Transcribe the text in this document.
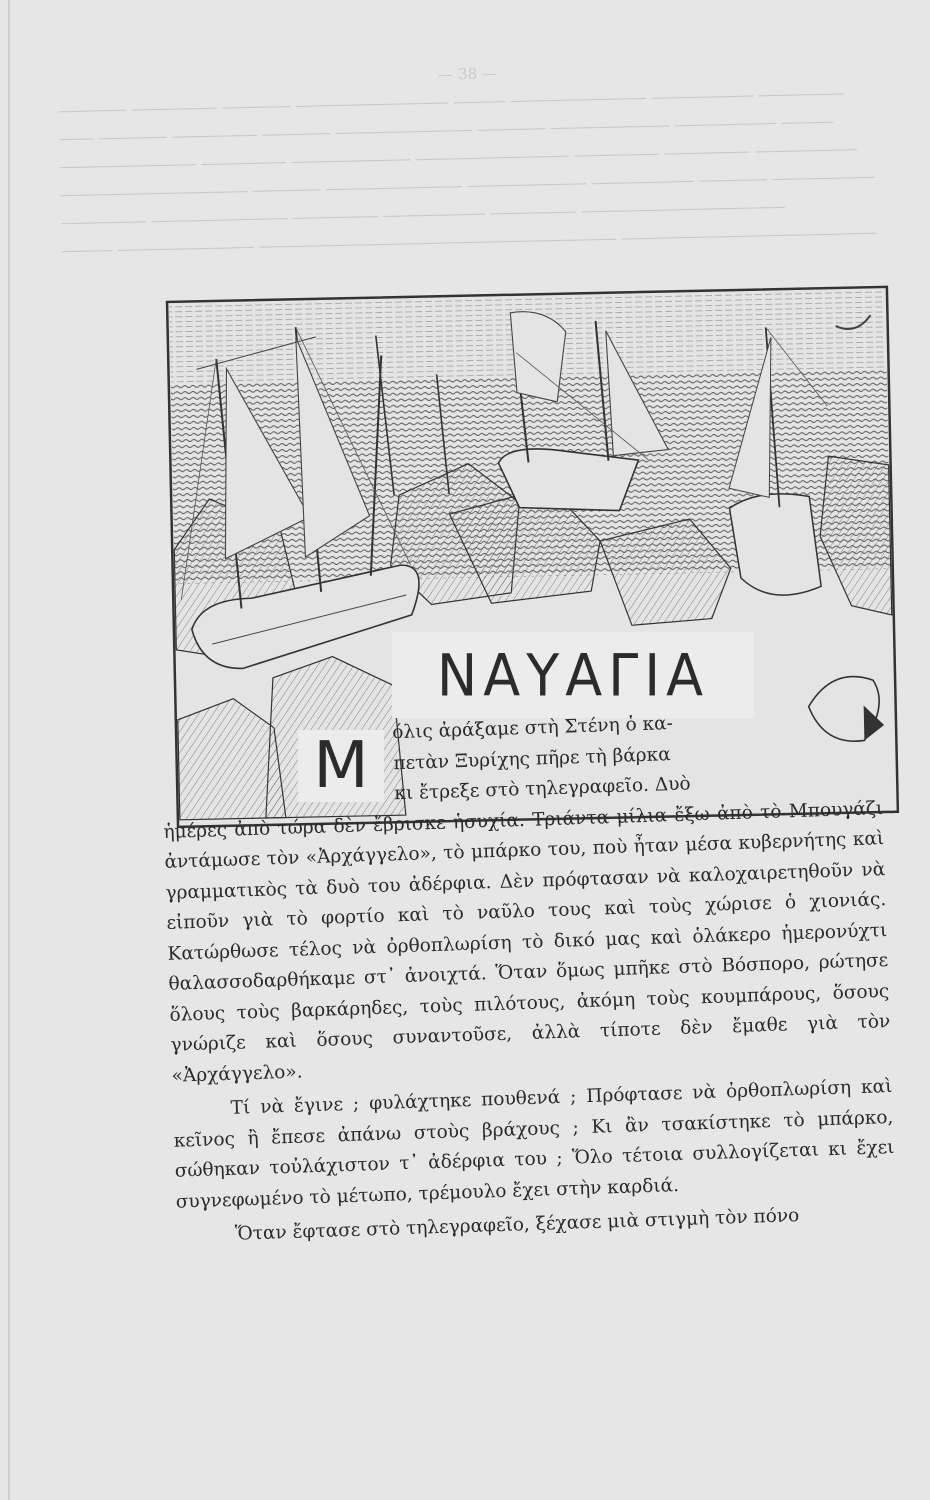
— 38 —
―――― ――――― ―――― ――――――――― ――― ―――――――― ―――――― ―――――
―― ―――― ――――― ―――― ―――――――― ―――― ――――――― ―――――― ―――
―――――――― ――――― ――――――― ――――――――― ――――― ――――― ――――――
――――――――――― ―――― ―――――――― ――――――― ―――――― ―――― ――――――
――――― ―――――――― ――――― ―――――― ――――― ――――――――――――
――― ―――――――― ――――――――――――――――――――― ―――――――――――――――
ΝΑΥΑΓΙΑ
Μ
όλις ἀράξαμε στὴ Στένη ὁ κα-
πετὰν Ξυρίχης πῆρε τὴ βάρκα
κι ἔτρεξε στὸ τηλεγραφεῖο. Δυὸ

ἡμέρες ἀπὸ τώρα δὲν ἔβρισκε ἡσυχία. Τριάντα μίλια ἔξω ἀπὸ τὸ Μπουγάζι ἀντάμωσε τὸν «Ἀρχάγγελο», τὸ μπάρκο του, ποὺ ἦταν μέσα κυβερνήτης καὶ γραμματικὸς τὰ δυὸ του ἀδέρφια. Δὲν πρόφτασαν νὰ καλοχαιρετηθοῦν νὰ εἰποῦν γιὰ τὸ φορτίο καὶ τὸ ναῦλο τους καὶ τοὺς χώρισε ὁ χιονιάς. Κατώρθωσε τέλος νὰ ὀρθοπλωρίση τὸ δικό μας καὶ ὁλάκερο ἡμερονύχτι θαλασσοδαρθήκαμε στ᾽ ἀνοιχτά. Ὅταν ὅμως μπῆκε στὸ Βόσπορο, ρώτησε ὅλους τοὺς βαρκάρηδες, τοὺς πιλότους, ἀκόμη τοὺς κουμπάρους, ὅσους γνώριζε καὶ ὅσους συναντοῦσε, ἀλλὰ τίποτε δὲν ἔμαθε γιὰ τὸν «Ἀρχάγγελο».

Τί νὰ ἔγινε ; φυλάχτηκε πουθενά ; Πρόφτασε νὰ ὀρθοπλωρίση καὶ κεῖνος ἢ ἔπεσε ἀπάνω στοὺς βράχους ; Κι ἂν τσακίστηκε τὸ μπάρκο, σώθηκαν τοὐλάχιστον τ᾽ ἀδέρφια του ; Ὅλο τέτοια συλλογίζεται κι ἔχει συγνεφωμένο τὸ μέτωπο, τρέμουλο ἔχει στὴν καρδιά.

Ὅταν ἔφτασε στὸ τηλεγραφεῖο, ξέχασε μιὰ στιγμὴ τὸν πόνο
